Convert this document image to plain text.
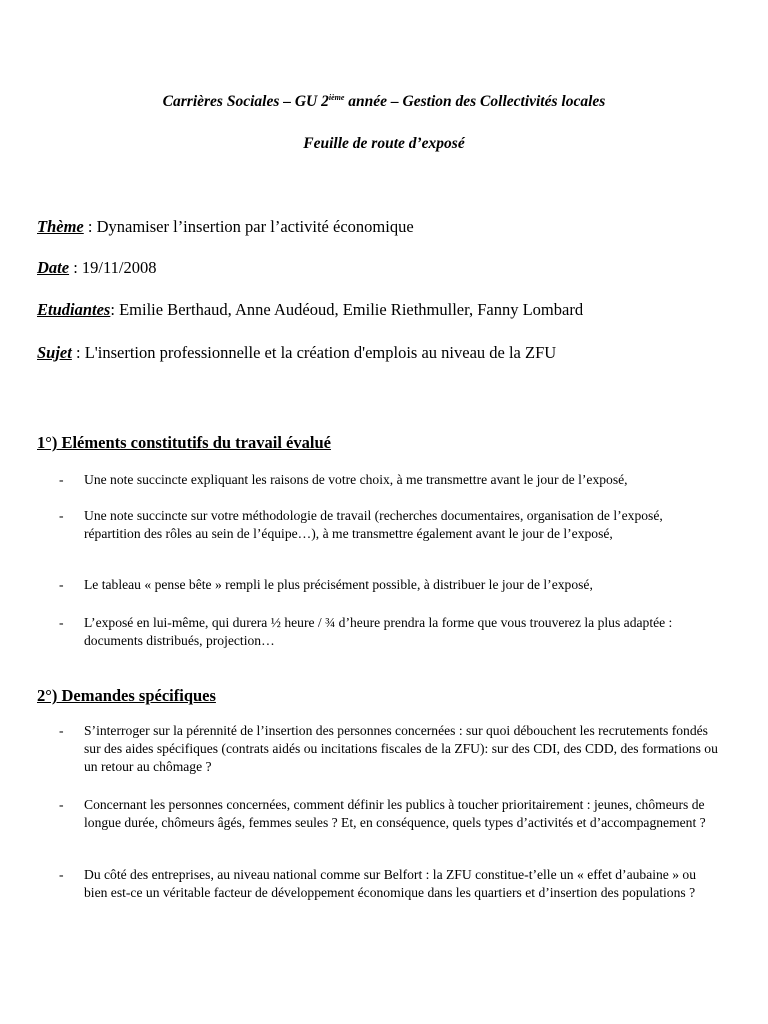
Carrières Sociales – GU 2ième année – Gestion des Collectivités locales
Feuille de route d’exposé
Thème : Dynamiser l’insertion par l’activité économique
Date : 19/11/2008
Etudiantes: Emilie Berthaud, Anne Audéoud, Emilie Riethmuller, Fanny Lombard
Sujet : L'insertion professionnelle et la création d'emplois au niveau de la ZFU
1°) Eléments constitutifs du travail évalué
- Une note succincte expliquant les raisons de votre choix, à me transmettre avant le jour de l’exposé,
- Une note succincte sur votre méthodologie de travail (recherches documentaires, organisation de l’exposé, répartition des rôles au sein de l’équipe…), à me transmettre également avant le jour de l’exposé,
- Le tableau « pense bête » rempli le plus précisément possible, à distribuer le jour de l’exposé,
- L’exposé en lui-même, qui durera ½ heure / ¾ d’heure prendra la forme que vous trouverez la plus adaptée : documents distribués, projection…
2°) Demandes spécifiques
- S’interroger sur la pérennité de l’insertion des personnes concernées : sur quoi débouchent les recrutements fondés sur des aides spécifiques (contrats aidés ou incitations fiscales de la ZFU): sur des CDI, des CDD, des formations ou un retour au chômage ?
- Concernant les personnes concernées, comment définir les publics à toucher prioritairement : jeunes, chômeurs de longue durée, chômeurs âgés, femmes seules ? Et, en conséquence, quels types d’activités et d’accompagnement ?
- Du côté des entreprises, au niveau national comme sur Belfort : la ZFU constitue-t’elle un « effet d’aubaine » ou bien est-ce un véritable facteur de développement économique dans les quartiers et d’insertion des populations ?
